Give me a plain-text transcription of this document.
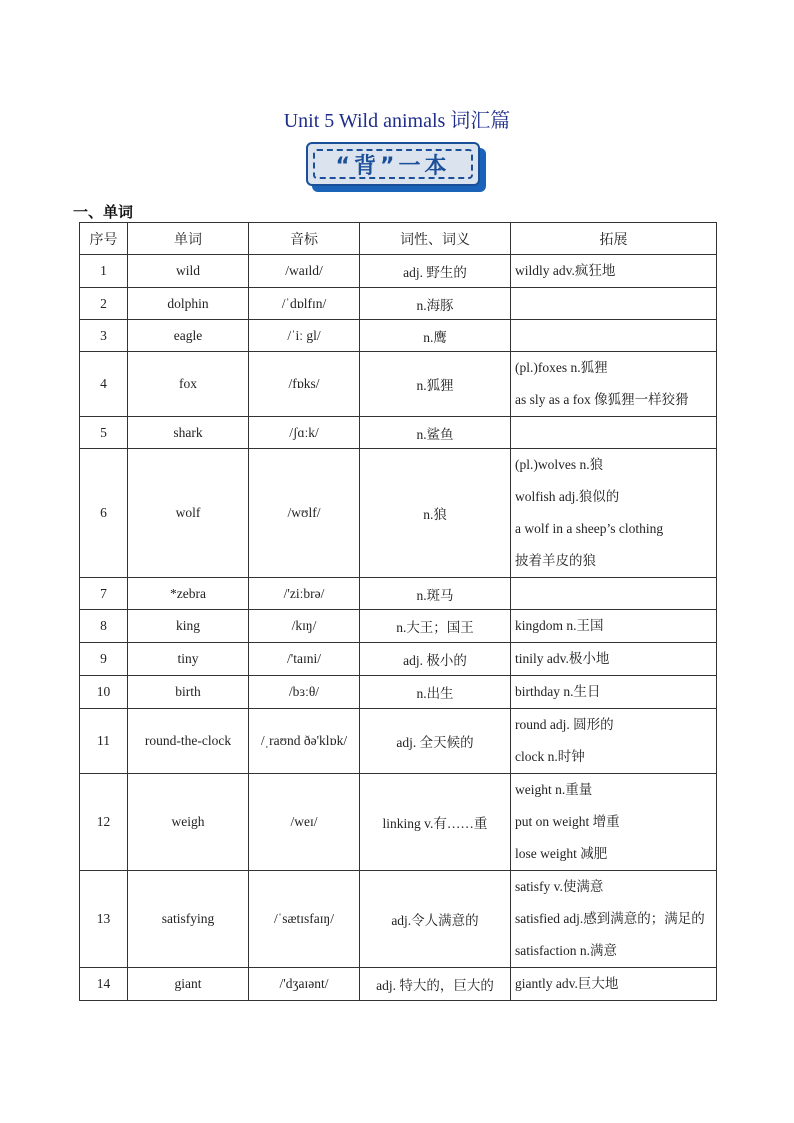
Unit 5 Wild animals 词汇篇
“背”一本
一、单词
序号	单词	音标	词性、词义	拓展
1	wild	/waɪld/	adj. 野生的	wildly adv.疯狂地

2	dolphin	/ˈdɒlfɪn/	n.海豚	
3	eagle	/ˈiː gl/	n.鹰	
4	fox	/fɒks/	n.狐狸	(pl.)foxes n.狐狸
as sly as a fox 像狐狸一样狡猾

5	shark	/ʃɑːk/	n.鲨鱼	
6	wolf	/wʊlf/	n.狼	(pl.)wolves n.狼
wolfish adj.狼似的
a wolf in a sheep’s clothing
披着羊皮的狼

7	*zebra	/'ziːbrə/	n.斑马	
8	king	/kɪŋ/	n.大王；国王	kingdom n.王国

9	tiny	/'taɪni/	adj. 极小的	tinily adv.极小地

10	birth	/bɜːθ/	n.出生	birthday n.生日

11	round-the-clock	/ˌraʊnd ðə'klɒk/	adj. 全天候的	round adj. 圆形的
clock n.时钟

12	weigh	/weɪ/	linking v.有……重	weight n.重量
put on weight 增重
lose weight 减肥

13	satisfying	/ˈsætɪsfaɪŋ/	adj.令人满意的	satisfy v.使满意
satisfied adj.感到满意的；满足的
satisfaction n.满意

14	giant	/'dʒaɪənt/	adj. 特大的，巨大的	giantly adv.巨大地
